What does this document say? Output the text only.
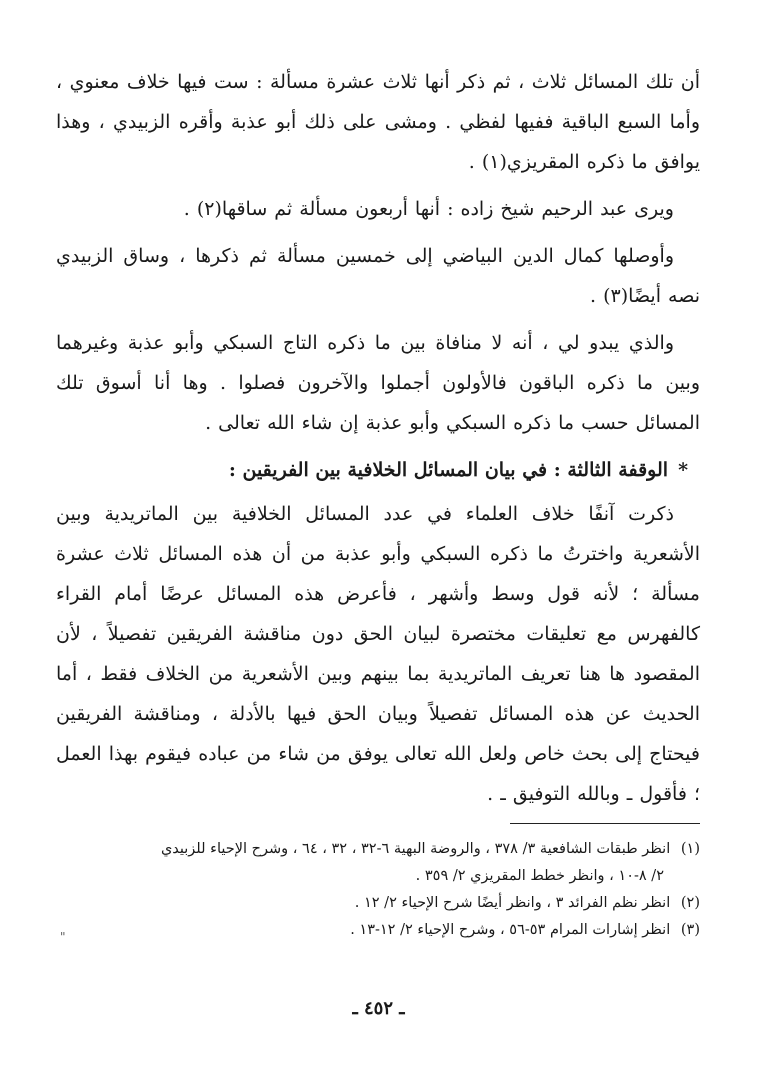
أن تلك المسائل ثلاث ، ثم ذكر أنها ثلاث عشرة مسألة : ست فيها خلاف معنوي ، وأما السبع الباقية ففيها لفظي . ومشى على ذلك أبو عذبة وأقره الزبيدي ، وهذا يوافق ما ذكره المقريزي(١) .

ويرى عبد الرحيم شيخ زاده : أنها أربعون مسألة ثم ساقها(٢) .

وأوصلها كمال الدين البياضي إلى خمسين مسألة ثم ذكرها ، وساق الزبيدي نصه أيضًا(٣) .

والذي يبدو لي ، أنه لا منافاة بين ما ذكره التاج السبكي وأبو عذبة وغيرهما وبين ما ذكره الباقون فالأولون أجملوا والآخرون فصلوا . وها أنا أسوق تلك المسائل حسب ما ذكره السبكي وأبو عذبة إن شاء الله تعالى .

*الوقفة الثالثة : في بيان المسائل الخلافية بين الفريقين :

ذكرت آنفًا خلاف العلماء في عدد المسائل الخلافية بين الماتريدية وبين الأشعرية واخترتُ ما ذكره السبكي وأبو عذبة من أن هذه المسائل ثلاث عشرة مسألة ؛ لأنه قول وسط وأشهر ، فأعرض هذه المسائل عرضًا أمام القراء كالفهرس مع تعليقات مختصرة لبيان الحق دون مناقشة الفريقين تفصيلاً ، لأن المقصود ها هنا تعريف الماتريدية بما بينهم وبين الأشعرية من الخلاف فقط ، أما الحديث عن هذه المسائل تفصيلاً وبيان الحق فيها بالأدلة ، ومناقشة الفريقين فيحتاج إلى بحث خاص ولعل الله تعالى يوفق من شاء من عباده فيقوم بهذا العمل ؛ فأقول ـ وبالله التوفيق ـ .

(١) انظر طبقات الشافعية ٣/ ٣٧٨ ، والروضة البهية ٦-٣٢ ، ٣٢ ، ٦٤ ، وشرح الإحياء للزبيدي
٢/ ٨-١٠ ، وانظر خطط المقريزي ٢/ ٣٥٩ .

(٢) انظر نظم الفرائد ٣ ، وانظر أيضًا شرح الإحياء ٢/ ١٢ .

(٣) انظر إشارات المرام ٥٣-٥٦ ، وشرح الإحياء ٢/ ١٢-١٣ .

"
ـ ٤٥٢ ـ
